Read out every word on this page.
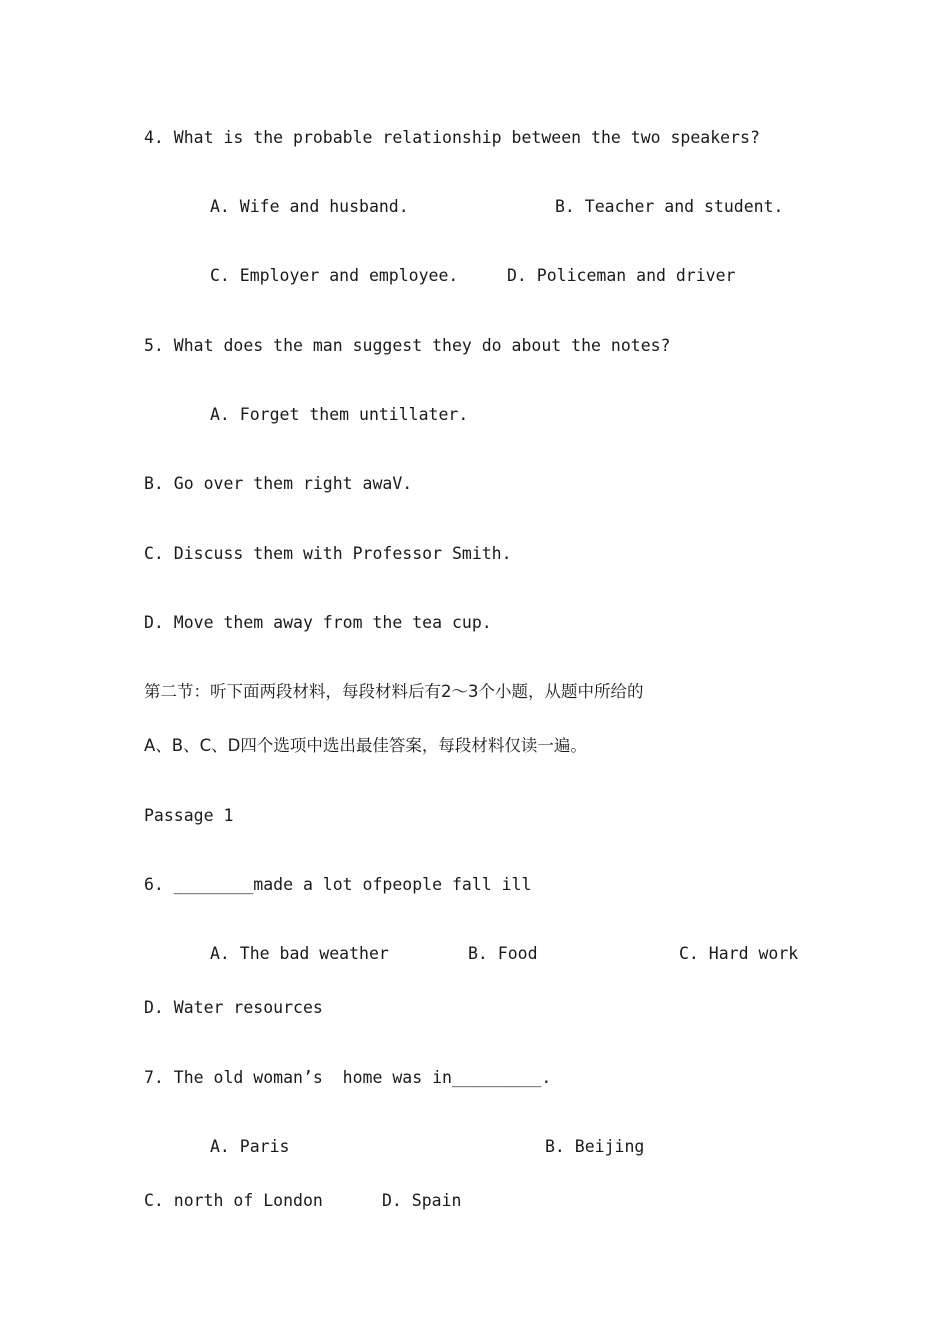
4. What is the probable relationship between the two speakers?
A. Wife and husband.	B. Teacher and student.
C. Employer and employee.	D. Policeman and driver
5. What does the man suggest they do about the notes?
A. Forget them untillater.
B. Go over them right awaV.
C. Discuss them with Professor Smith.
D. Move them away from the tea cup.
第二节：听下面两段材料，每段材料后有2～3个小题，从题中所给的
A、B、C、D四个选项中选出最佳答案，每段材料仅读一遍。
Passage 1
6. ________made a lot ofpeople fall ill
A. The bad weather	B. Food	C. Hard work
D. Water resources
7. The old woman’s  home was in_________.
A. Paris	B. Beijing
C. north of London	D. Spain
